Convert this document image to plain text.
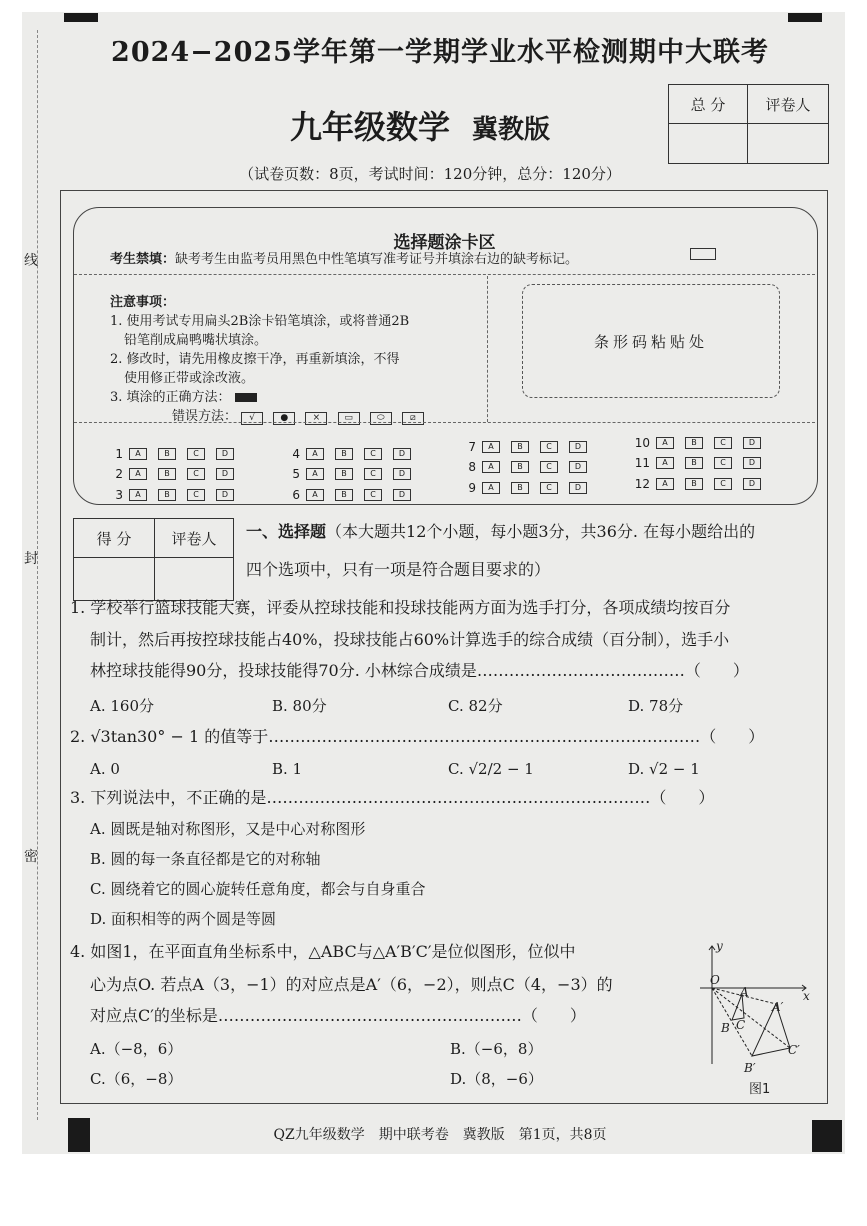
线
封
密
2024−2025学年第一学期学业水平检测期中大联考
九年级数学 冀教版
（试卷页数：8页，考试时间：120分钟，总分：120分）
总 分	评卷人

选择题涂卡区
考生禁填：缺考考生由监考员用黑色中性笔填写准考证号并填涂右边的缺考标记。
注意事项：
1. 使用考试专用扁头2B涂卡铅笔填涂，或将普通2B
铅笔削成扁鸭嘴状填涂。
2. 修改时，请先用橡皮擦干净，再重新填涂，不得
使用修正带或涂改液。
3. 填涂的正确方法：
错误方法： √	●	×	▭	⬭	⧄
条形码粘贴处
1	A	B	C	D
2	A	B	C	D
3	A	B	C	D
4	A	B	C	D
5	A	B	C	D
6	A	B	C	D
7	A	B	C	D
8	A	B	C	D
9	A	B	C	D
10	A	B	C	D
11	A	B	C	D
12	A	B	C	D
得 分	评卷人
	一、选择题（本大题共12个小题，每小题3分，共36分. 在每小题给出的
四个选项中，只有一项是符合题目要求的）
1. 学校举行篮球技能大赛，评委从控球技能和投球技能两方面为选手打分，各项成绩均按百分
制计，然后再按控球技能占40%，投球技能占60%计算选手的综合成绩（百分制），选手小
林控球技能得90分，投球技能得70分. 小林综合成绩是…………………………………（　　）
A. 160分	B. 80分	C. 82分	D. 78分
2. √3tan30° − 1 的值等于………………………………………………………………………（　　）
A. 0	B. 1	C. √2/2 − 1	D. √2 − 1
3. 下列说法中，不正确的是………………………………………………………………（　　）
A. 圆既是轴对称图形，又是中心对称图形
B. 圆的每一条直径都是它的对称轴
C. 圆绕着它的圆心旋转任意角度，都会与自身重合
D. 面积相等的两个圆是等圆
4. 如图1，在平面直角坐标系中，△ABC与△A′B′C′是位似图形，位似中
心为点O. 若点A（3，−1）的对应点是A′（6，−2），则点C（4，−3）的
对应点C′的坐标是…………………………………………………（　　）
A.（−8，6）	B.（−6，8）
C.（6，−8）	D.（8，−6）
y
x
O
A
A′
B C
B′
C′
图1
QZ九年级数学　期中联考卷　冀教版　第1页，共8页
